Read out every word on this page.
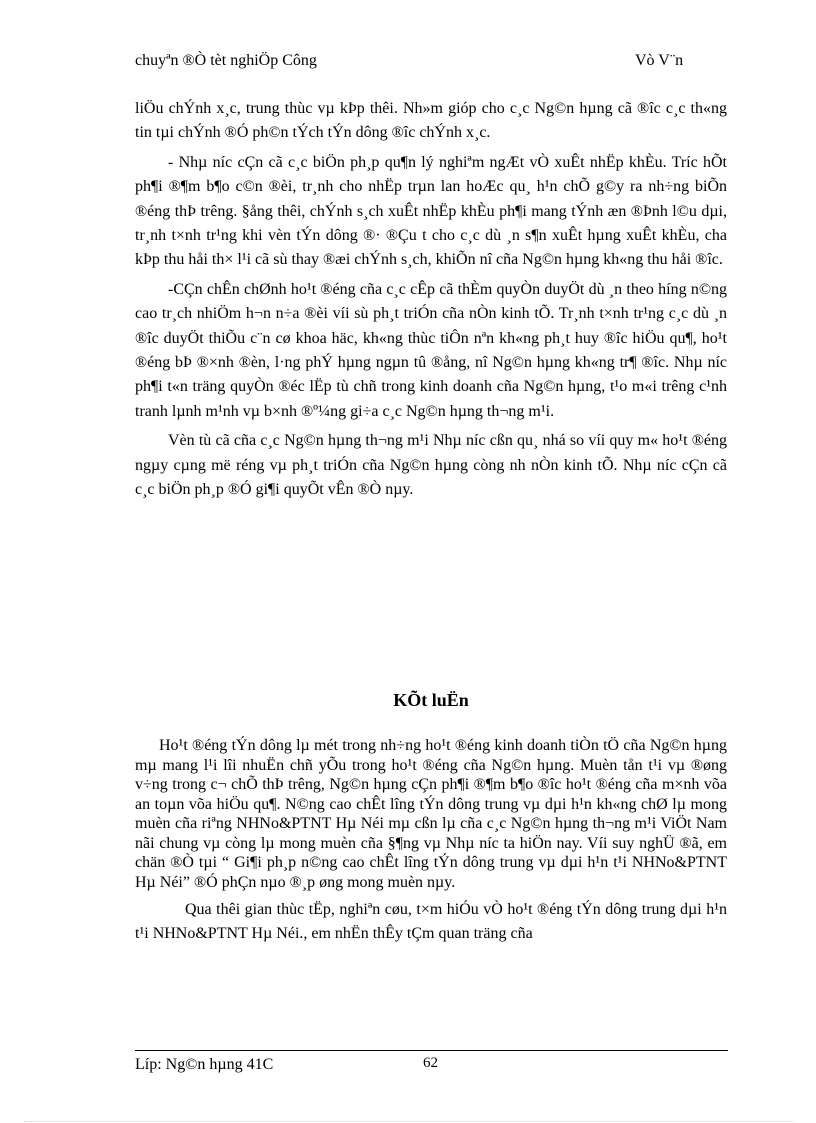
chuyªn ®Ò tèt nghiÖp Công	Vò V¨n

liÖu chÝnh x¸c, trung thùc vµ kÞp thêi. Nh»m gióp cho c¸c Ng©n hµng cã ®îc c¸c th«ng tin tµi chÝnh ®Ó ph©n tÝch tÝn dông ®îc chÝnh x¸c.

- Nhµ níc cÇn cã c¸c biÖn ph¸p qu¶n lý nghiªm ngÆt vÒ xuÊt nhËp khÈu. Tríc hÕt ph¶i ®¶m b¶o c©n ®èi, tr¸nh cho nhËp trµn lan hoÆc qu¸ h¹n chÕ g©y ra nh÷ng biÕn ®éng thÞ trêng. §ång thêi, chÝnh s¸ch xuÊt nhËp khÈu ph¶i mang tÝnh æn ®Þnh l©u dµi, tr¸nh t×nh tr¹ng khi vèn tÝn dông ®· ®Çu t cho c¸c dù ¸n s¶n xuÊt hµng xuÊt khÈu, cha kÞp thu håi th× l¹i cã sù thay ®æi chÝnh s¸ch, khiÕn nî cña Ng©n hµng kh«ng thu håi ®îc.

-CÇn chÊn chØnh ho¹t ®éng cña c¸c cÊp cã thÈm quyÒn duyÖt dù ¸n theo híng n©ng cao tr¸ch nhiÖm h¬n n÷a ®èi víi sù ph¸t triÓn cña nÒn kinh tÕ. Tr¸nh t×nh tr¹ng c¸c dù ¸n ®îc duyÖt thiÕu c¨n cø khoa häc, kh«ng thùc tiÔn nªn kh«ng ph¸t huy ®îc hiÖu qu¶, ho¹t ®éng bÞ ®×nh ®èn, l·ng phÝ hµng ngµn tû ®ång, nî Ng©n hµng kh«ng tr¶ ®îc. Nhµ níc ph¶i t«n träng quyÒn ®éc lËp tù chñ trong kinh doanh cña Ng©n hµng, t¹o m«i trêng c¹nh tranh lµnh m¹nh vµ b×nh ®º¼ng gi÷a c¸c Ng©n hµng th¬ng m¹i.

Vèn tù cã cña c¸c Ng©n hµng th¬ng m¹i Nhµ níc cßn qu¸ nhá so víi quy m« ho¹t ®éng ngµy cµng më réng vµ ph¸t triÓn cña Ng©n hµng còng nh nÒn kinh tÕ. Nhµ níc cÇn cã c¸c biÖn ph¸p ®Ó gi¶i quyÕt vÊn ®Ò nµy.

KÕt luËn

Ho¹t ®éng tÝn dông lµ mét trong nh÷ng ho¹t ®éng kinh doanh tiÒn tÖ cña Ng©n hµng mµ mang l¹i lîi nhuËn chñ yÕu trong ho¹t ®éng cña Ng©n hµng. Muèn tån t¹i vµ ®øng v÷ng trong c¬ chÕ thÞ trêng, Ng©n hµng cÇn ph¶i ®¶m b¶o ®îc ho¹t ®éng cña m×nh võa an toµn võa hiÖu qu¶. N©ng cao chÊt lîng tÝn dông trung vµ dµi h¹n kh«ng chØ lµ mong muèn cña riªng NHNo&PTNT Hµ Néi mµ cßn lµ cña c¸c Ng©n hµng th¬ng m¹i ViÖt Nam nãi chung vµ còng lµ mong muèn cña §¶ng vµ Nhµ níc ta hiÖn nay. Víi suy nghÜ ®ã, em chän ®Ò tµi “ Gi¶i ph¸p n©ng cao chÊt lîng tÝn dông trung vµ dµi h¹n t¹i NHNo&PTNT Hµ Néi” ®Ó phÇn nµo ®¸p øng mong muèn nµy.

Qua thêi gian thùc tËp, nghiªn cøu, t×m hiÓu vÒ ho¹t ®éng tÝn dông trung dµi h¹n t¹i NHNo&PTNT Hµ Néi., em nhËn thÊy tÇm quan träng cña

Líp: Ng©n hµng 41C	62
